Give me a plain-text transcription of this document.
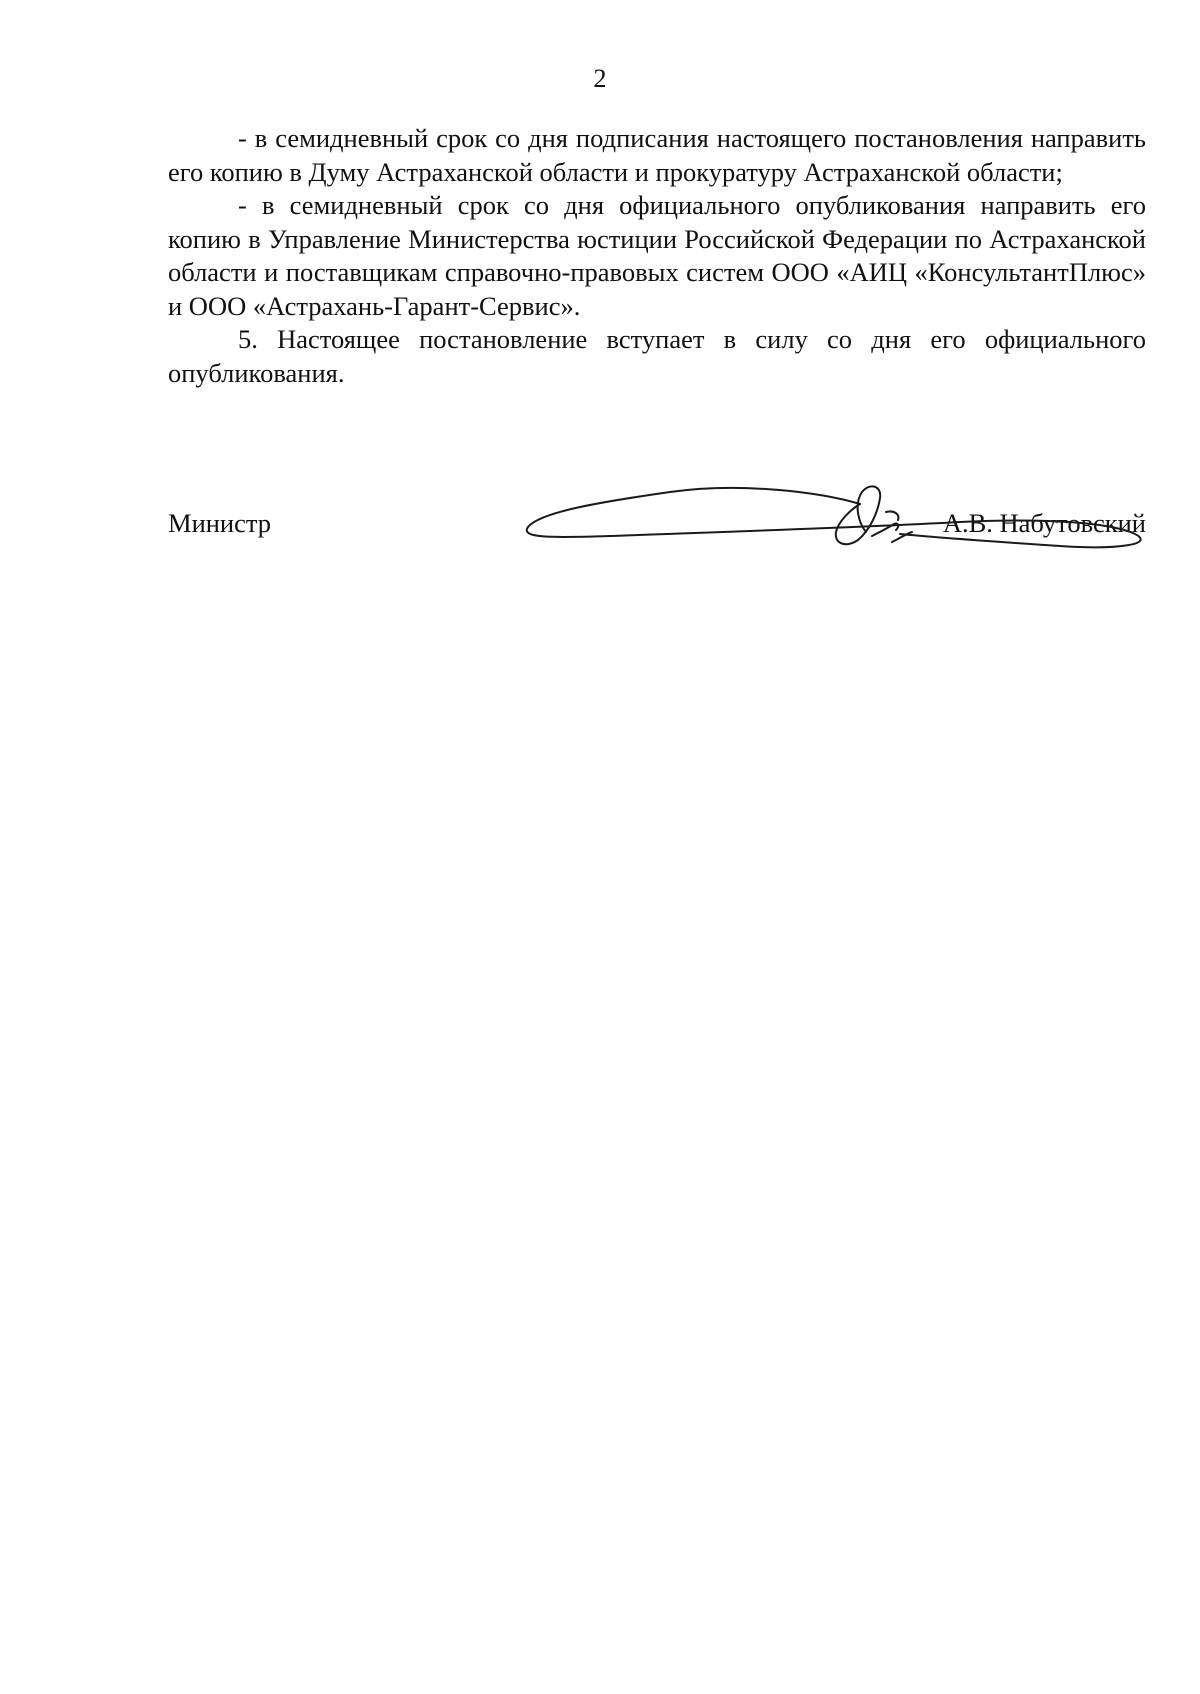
2

- в семидневный срок со дня подписания настоящего постановления направить его копию в Думу Астраханской области и прокуратуру Астраханской области;

- в семидневный срок со дня официального опубликования направить его копию в Управление Министерства юстиции Российской Федерации по Астраханской области и поставщикам справочно-правовых систем ООО «АИЦ «КонсультантПлюс» и ООО «Астрахань-Гарант-Сервис».

5. Настоящее постановление вступает в силу со дня его официального опубликования.

Министр	А.В. Набутовский
